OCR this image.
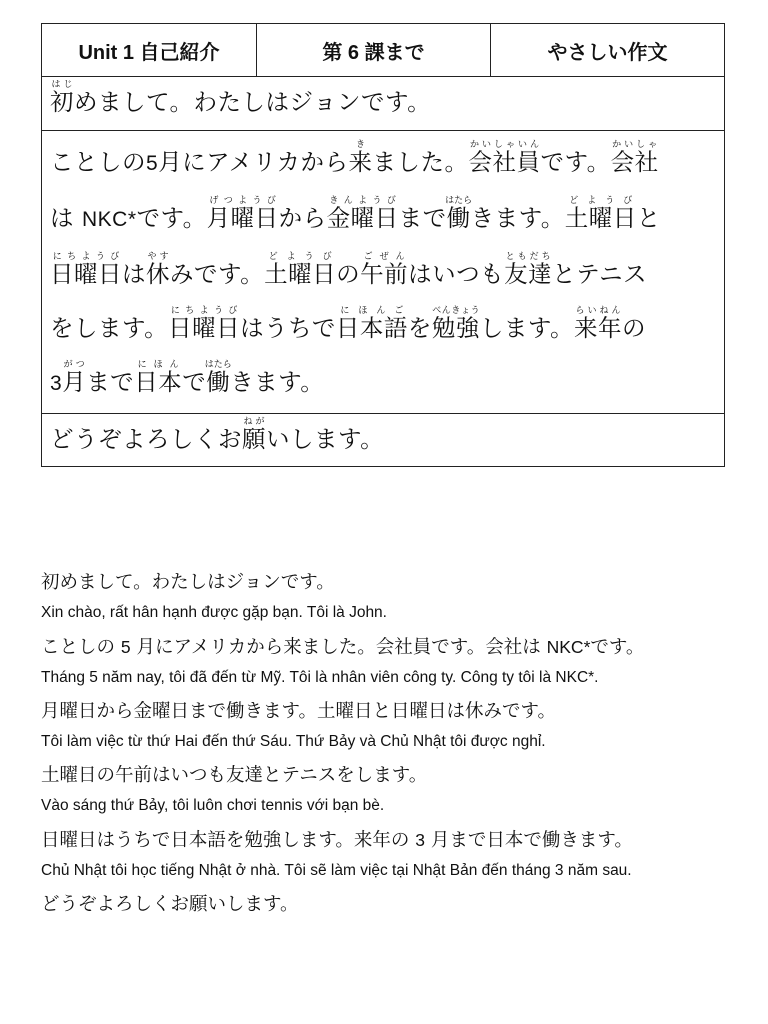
Unit 1 自己紹介	第 6 課まで	やさしい作文
初はじめまして。わたしはジョンです。
ことしの5月にアメリカから来きました。会社員かいしゃいんです。会社かいしゃ
は NKC*です。月曜日げつようびから金曜日きんようびまで働はたらきます。土曜日どようびと
日曜日にちようびは休やすみです。土曜日どようびの午前ごぜんはいつも友達ともだちとテニス
をします。日曜日にちようびはうちで日本語にほんごを勉強べんきょうします。来年らいねんの
3月がつまで日本にほんで働はたらきます。
どうぞよろしくお願ねがいします。
初めまして。わたしはジョンです。
Xin chào, rất hân hạnh được gặp bạn. Tôi là John.
ことしの 5 月にアメリカから来ました。会社員です。会社は NKC*です。
Tháng 5 năm nay, tôi đã đến từ Mỹ. Tôi là nhân viên công ty. Công ty tôi là NKC*.
月曜日から金曜日まで働きます。土曜日と日曜日は休みです。
Tôi làm việc từ thứ Hai đến thứ Sáu. Thứ Bảy và Chủ Nhật tôi được nghỉ.
土曜日の午前はいつも友達とテニスをします。
Vào sáng thứ Bảy, tôi luôn chơi tennis với bạn bè.
日曜日はうちで日本語を勉強します。来年の 3 月まで日本で働きます。
Chủ Nhật tôi học tiếng Nhật ở nhà. Tôi sẽ làm việc tại Nhật Bản đến tháng 3 năm sau.
どうぞよろしくお願いします。
